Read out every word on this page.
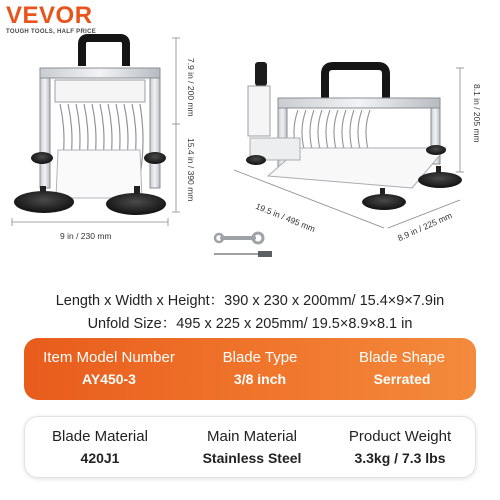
VEVOR
TOUGH TOOLS, HALF PRICE
9 in / 230 mm
7.9 in / 200 mm
15.4 in / 390 mm
19.5 in / 495 mm	8.9 in / 225 mm
8.1 in / 205 mm
Length x Width x Height：390 x 230 x 200mm/ 15.4×9×7.9in
Unfold Size：495 x 225 x 205mm/ 19.5×8.9×8.1 in
Item Model Number
AY450-3
Blade Type
3/8 inch
Blade Shape
Serrated
Blade Material
420J1
Main Material
Stainless Steel
Product Weight
3.3kg / 7.3 lbs
